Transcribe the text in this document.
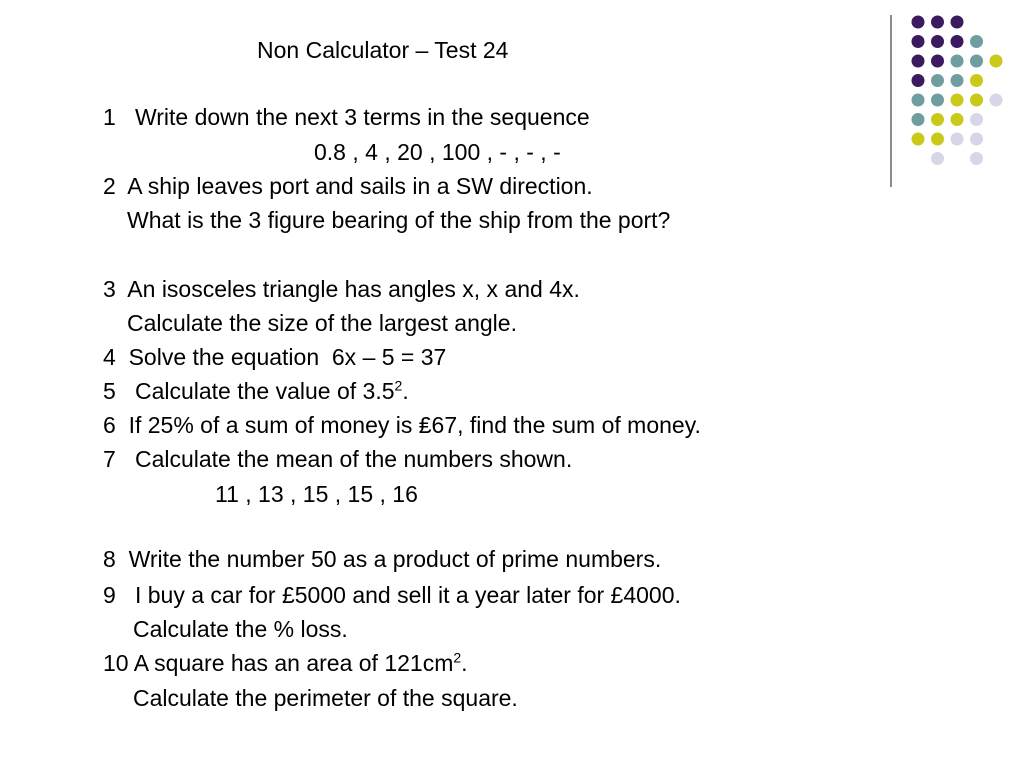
Non Calculator – Test 24
1   Write down the next 3 terms in the sequence
0.8 , 4 , 20 , 100 , - , - , -
2  A ship leaves port and sails in a SW direction.
What is the 3 figure bearing of the ship from the port?
3  An isosceles triangle has angles x, x and 4x.
Calculate the size of the largest angle.
4  Solve the equation  6x – 5 = 37
5   Calculate the value of $3.5^2$.
6  If 25% of a sum of money is ₤67, find the sum of money.
7   Calculate the mean of the numbers shown.
11 , 13 , 15 , 15 , 16
8  Write the number 50 as a product of prime numbers.
9   I buy a car for £5000 and sell it a year later for £4000.
Calculate the % loss.
10 A square has an area of $121cm^2$.
Calculate the perimeter of the square.
